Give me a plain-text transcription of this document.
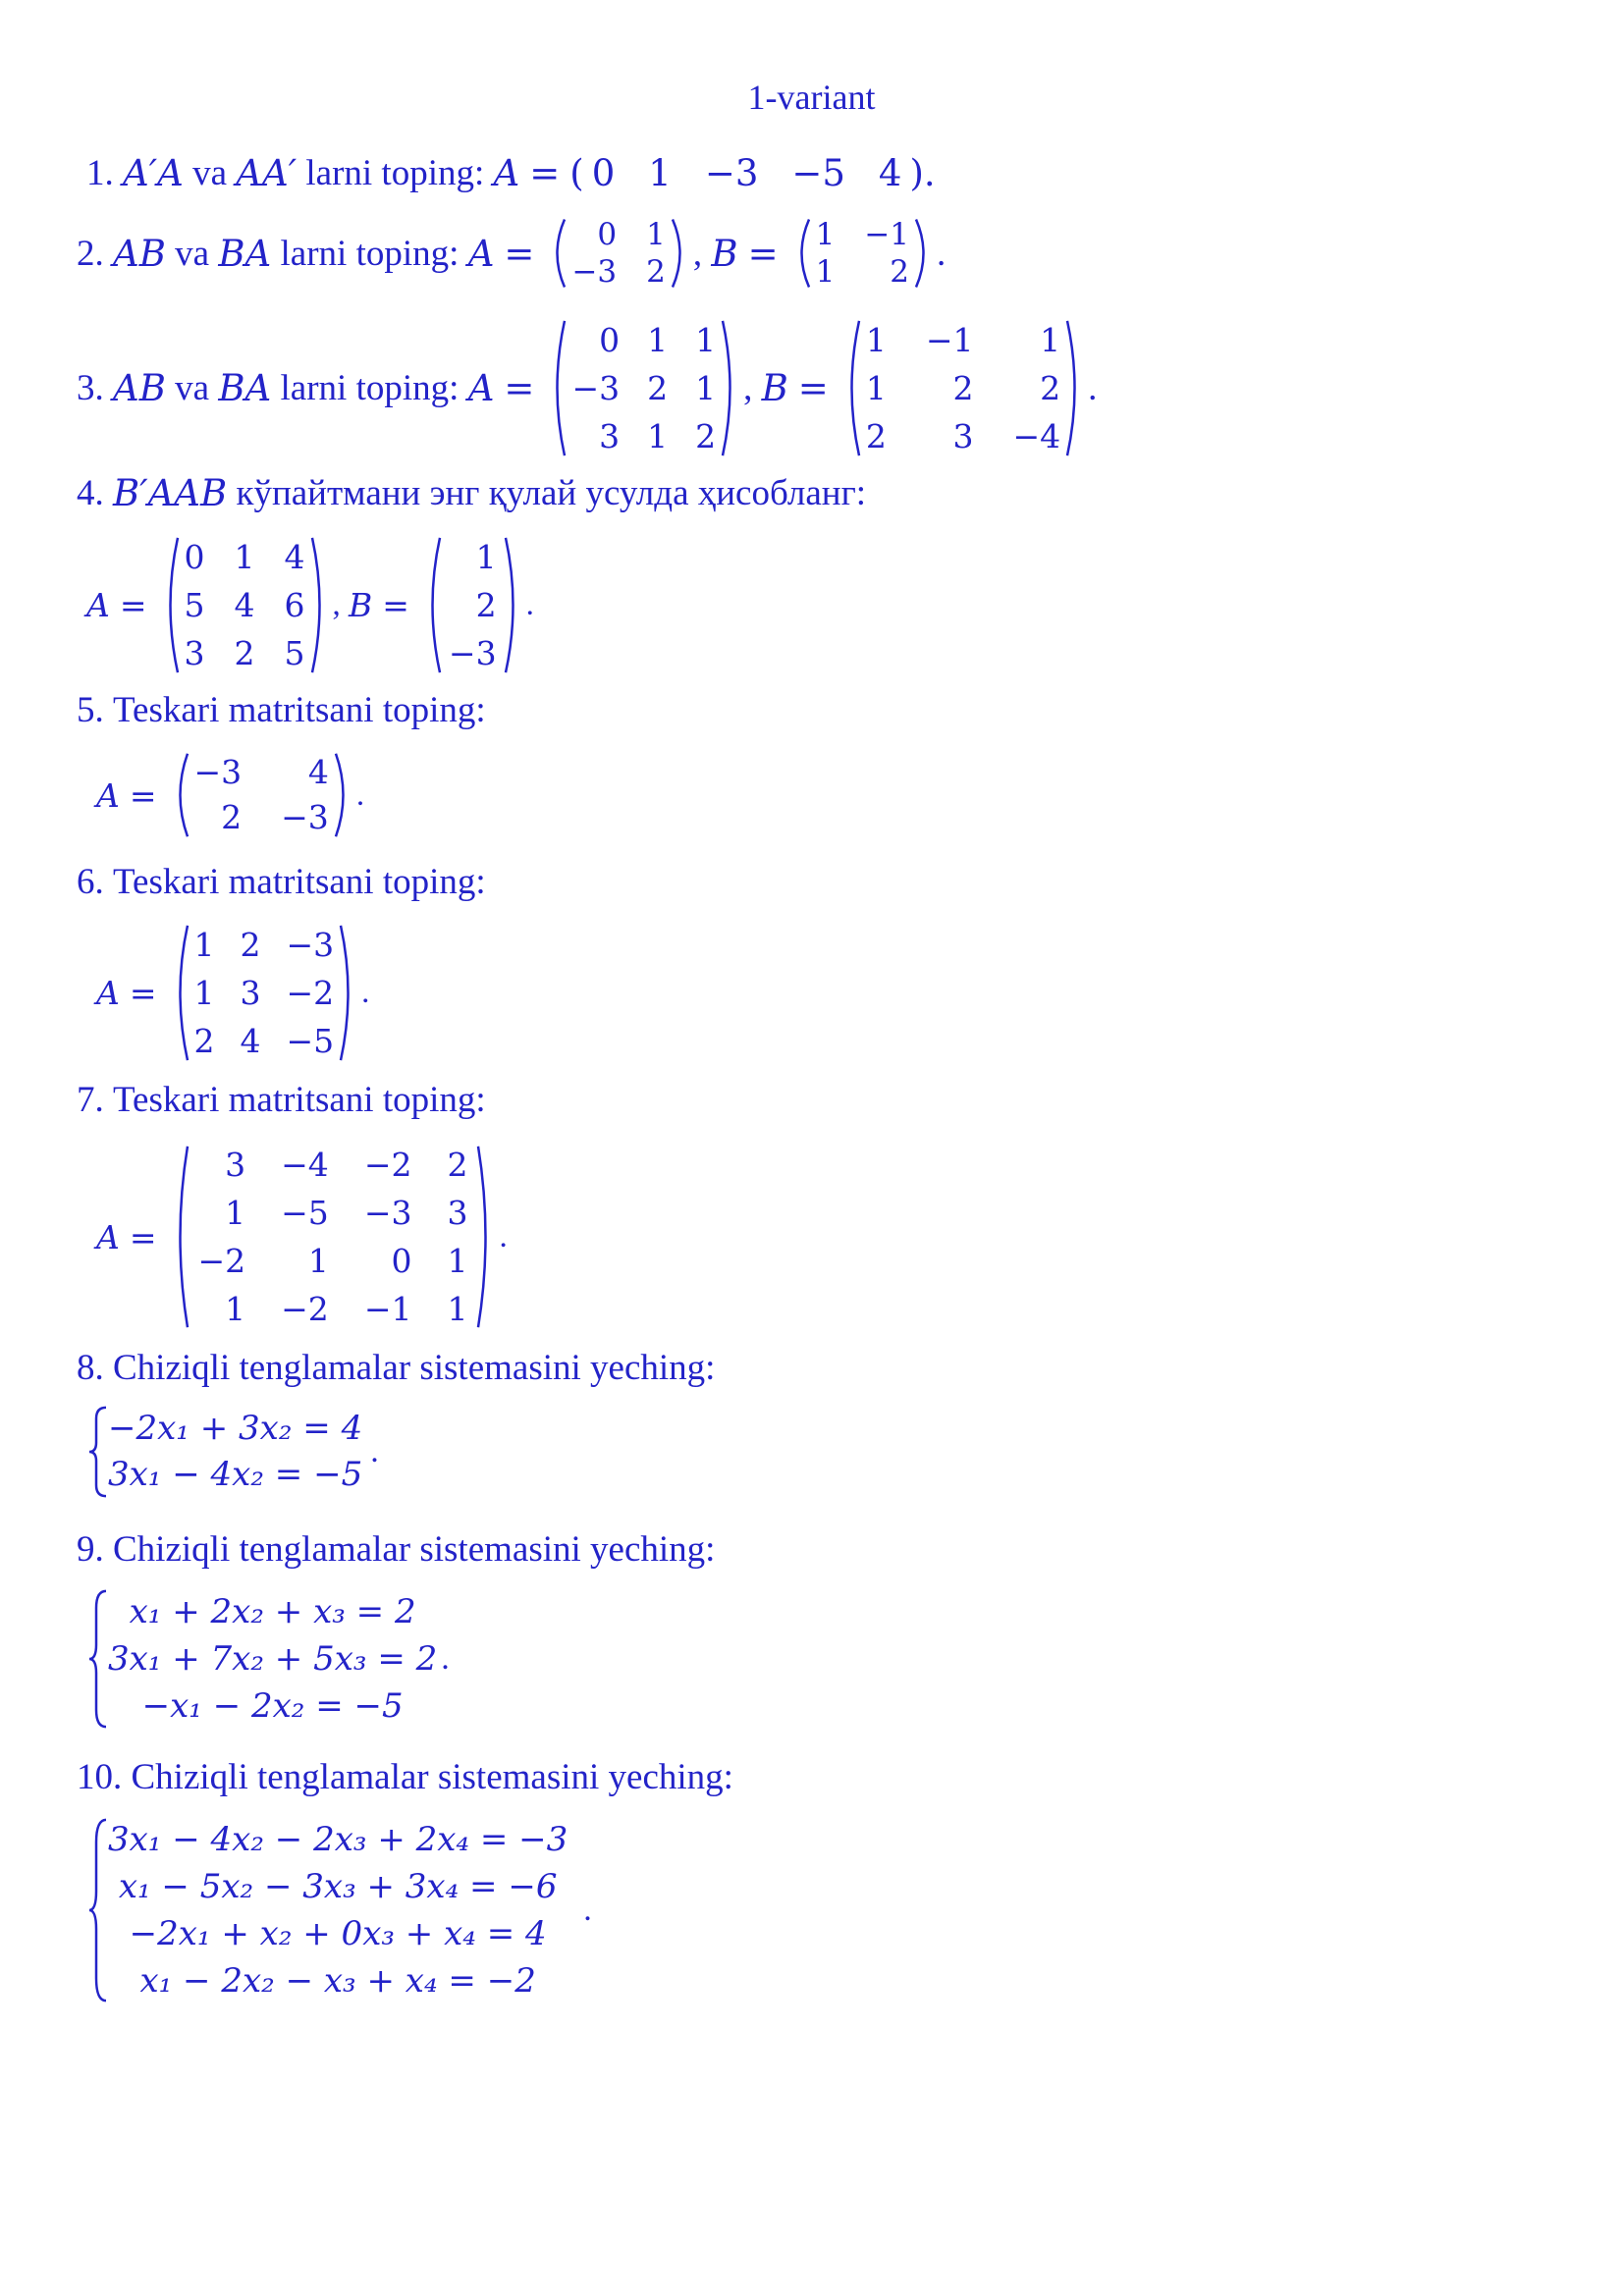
1-variant
1.
A′A
va
AA′
larni toping:
A = ( 0 1 −3 −5 4 ).
2.
AB
va
BA
larni toping:
A =	0 1
−3 2 ,
B = 1 −1
1	2 .
3.
AB
va
BA
larni toping:
A =
0 1 1
−3 2 1
3 1 2
,
B =
1 −1	1
1	2	2
2	3 −4
.
4.
B′AAB
кўпайтмани энг қулай усулда ҳисобланг:
A =
0 1 4
5 4 6
3 2 5
,
B =
1
2
−3
.
5.
Teskari matritsani toping:
A =
−3	4
2 −3
.
6.
Teskari matritsani toping:
A =
1 2 −3
1 3 −2
2 4 −5
.
7.
Teskari matritsani toping:
A =
3 −4 −2 2
1 −5 −3 3
−2	1	0 1
1 −2 −1 1
.
8.
Chiziqli tenglamalar sistemasini yeching:
−2x₁ + 3x₂ = 4
3x₁ − 4x₂ = −5
.
9.
Chiziqli tenglamalar sistemasini yeching:
x₁ + 2x₂ + x₃ = 2
3x₁ + 7x₂ + 5x₃ = 2
−x₁ − 2x₂ = −5
.
10.
Chiziqli tenglamalar sistemasini yeching:
3x₁ − 4x₂ − 2x₃ + 2x₄ = −3
x₁ − 5x₂ − 3x₃ + 3x₄ = −6
−2x₁ + x₂ + 0x₃ + x₄ = 4
x₁ − 2x₂ − x₃ + x₄ = −2
.
